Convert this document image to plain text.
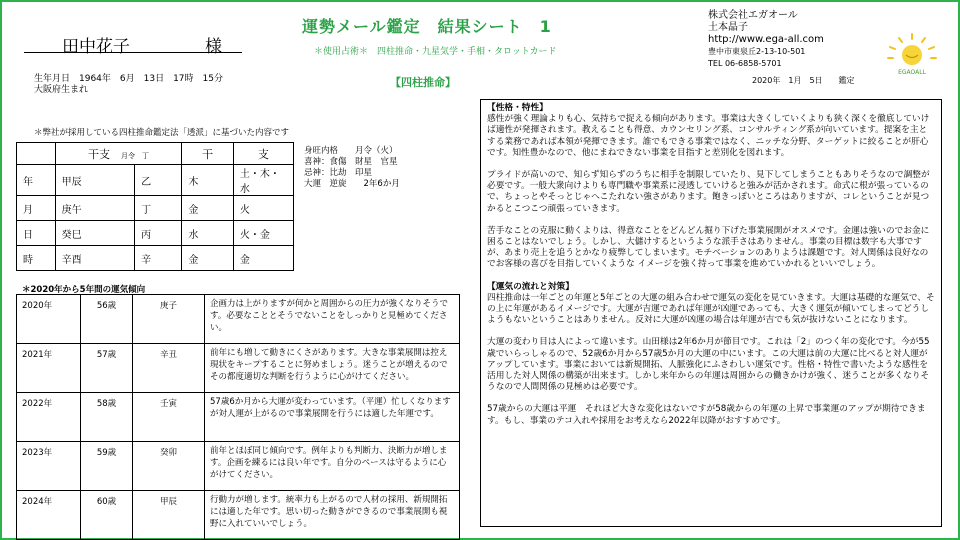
田中花子	様
運勢メール鑑定　結果シート　1
＊使用占術＊　四柱推命・九星気学・手相・タロットカード
株式会社エガオール
土本晶子
http://www.ega-all.com
豊中市東泉丘2-13-10-501
TEL 06-6858-5701
EGAOALL
生年月日　1964年　6月　13日　17時　15分
大阪府生まれ
【四柱推命】	2020年　1月　5日　　鑑定
＊弊社が採用している四柱推命鑑定法「透派」に基づいた内容です
	干支　 月令　丁		干	支
年	甲辰	乙	木	土・木・水
月	庚午	丁	金	火
日	癸巳	丙	水	火・金
時	辛酉	辛	金	金
身旺内格　　月令（火）
喜神：食傷　財星　官星
忌神：比劫　印星
大運　逆旋　　2年6か月
＊2020年から5年間の運気傾向
2020年	56歳	庚子	企画力は上がりますが何かと周囲からの圧力が強くなりそうです。必要なこととそうでないことをしっかりと見極めてください。
2021年	57歳	辛丑	前年にも増して動きにくさがあります。大きな事業展開は控え現状をキープすることに努めましょう。迷うことが増えるのでその都度適切な判断を行うように心がけてください。
2022年	58歳	壬寅	57歳6か月から大運が変わっています。（平運）忙しくなりますが対人運が上がるので事業展開を行うには適した年運です。
2023年	59歳	癸卯	前年とほぼ同じ傾向です。例年よりも判断力、決断力が増します。企画を練るには良い年です。自分のペースは守るように心がけてください。
2024年	60歳	甲辰	行動力が増します。統率力も上がるので人材の採用、新規開拓には適した年です。思い切った動きができるので事業展開も視野に入れていいでしょう。

【性格・特性】

感性が強く理論よりも心、気持ちで捉える傾向があります。事業は大きくしていくよりも狭く深くを徹底していけば適性が発揮されます。教えることも得意、カウンセリング系、コンサルティング系が向いています。提案を主とする業務であれば本領が発揮できます。誰でもできる事業ではなく、ニッチな分野、ターゲットに絞ることが肝心です。知性豊かなので、他にまねできない事業を目指すと差別化を図れます。

プライドが高いので、知らず知らずのうちに相手を制限していたり、見下してしまうこともありそうなので調整が必要です。一般大衆向けよりも専門職や事業系に浸透していけると強みが活かされます。命式に根が張っているので、ちょっとやそっとじゃへこたれない強さがあります。飽きっぽいところはありますが、コレということが見つかるとこつこつ頑張っていきます。

苦手なことの克服に動くよりは、得意なことをどんどん掘り下げた事業展開がオスメです。金運は強いのでお金に困ることはないでしょう。しかし、大儲けするというような派手さはありません。事業の目標は数字も大事ですが、あまり売上を追うとかなり疲弊してしまいます。モチベーションのありようは課題です。対人関係は良好なのでお客様の喜びを目指していくような イメージを強く持って事業を進めていかれるといいでしょう。

【運気の流れと対策】

四柱推命は一年ごとの年運と5年ごとの大運の組み合わせで運気の変化を見ていきます。大運は基礎的な運気で、その上に年運があるイメージです。大運が吉運であれば年運が凶運であっても、大きく運気が傾いてしまってどうしようもないということはありません。反対に大運が凶運の場合は年運が吉でも気が抜けないことになります。

大運の変わり目は人によって違います。山田様は2年6か月が節目です。これは「2」のつく年の変化です。今が55歳でいらっしゃるので、52歳6か月から57歳5か月の大運の中にいます。この大運は前の大運に比べると対人運がアップしています。事業においては新規開拓、人脈強化にふさわしい運気です。性格・特性で書いたような感性を活用した対人関係の構築が出来ます。しかし来年からの年運は周囲からの働きかけが強く、迷うことが多くなりそうなので人間関係の見極めは必要です。

57歳からの大運は平運　それほど大きな変化はないですが58歳からの年運の上昇で事業運のアップが期待できます。もし、事業のテコ入れや採用をお考えなら2022年以降がおすすめです。
